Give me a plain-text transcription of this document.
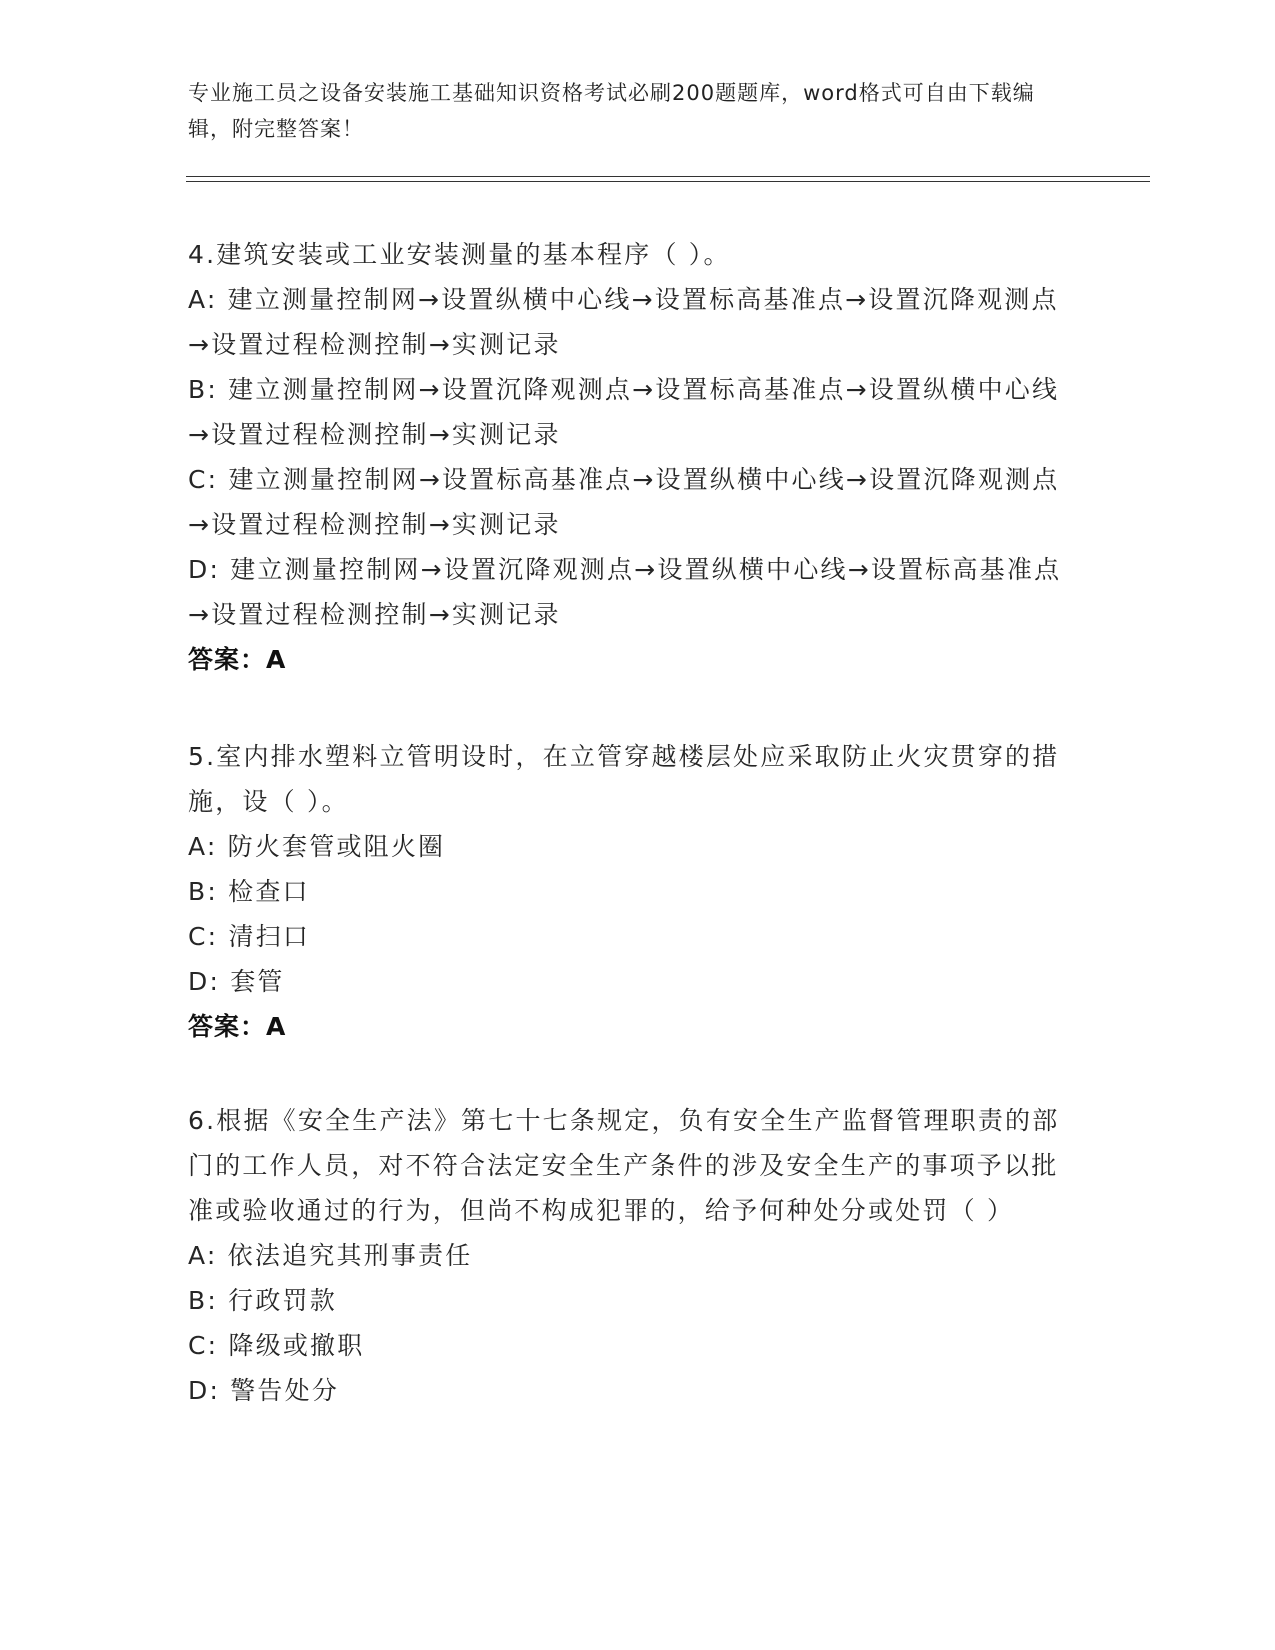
专业施工员之设备安装施工基础知识资格考试必刷200题题库，word格式可自由下载编辑，附完整答案！

4.建筑安装或工业安装测量的基本程序（ ）。

A: 建立测量控制网→设置纵横中心线→设置标高基准点→设置沉降观测点→设置过程检测控制→实测记录

B: 建立测量控制网→设置沉降观测点→设置标高基准点→设置纵横中心线→设置过程检测控制→实测记录

C: 建立测量控制网→设置标高基准点→设置纵横中心线→设置沉降观测点→设置过程检测控制→实测记录

D: 建立测量控制网→设置沉降观测点→设置纵横中心线→设置标高基准点→设置过程检测控制→实测记录

答案：A

5.室内排水塑料立管明设时，在立管穿越楼层处应采取防止火灾贯穿的措施，设（ ）。

A: 防火套管或阻火圈

B: 检查口

C: 清扫口

D: 套管

答案：A

6.根据《安全生产法》第七十七条规定，负有安全生产监督管理职责的部门的工作人员，对不符合法定安全生产条件的涉及安全生产的事项予以批准或验收通过的行为，但尚不构成犯罪的，给予何种处分或处罚（ ）

A: 依法追究其刑事责任

B: 行政罚款

C: 降级或撤职

D: 警告处分
